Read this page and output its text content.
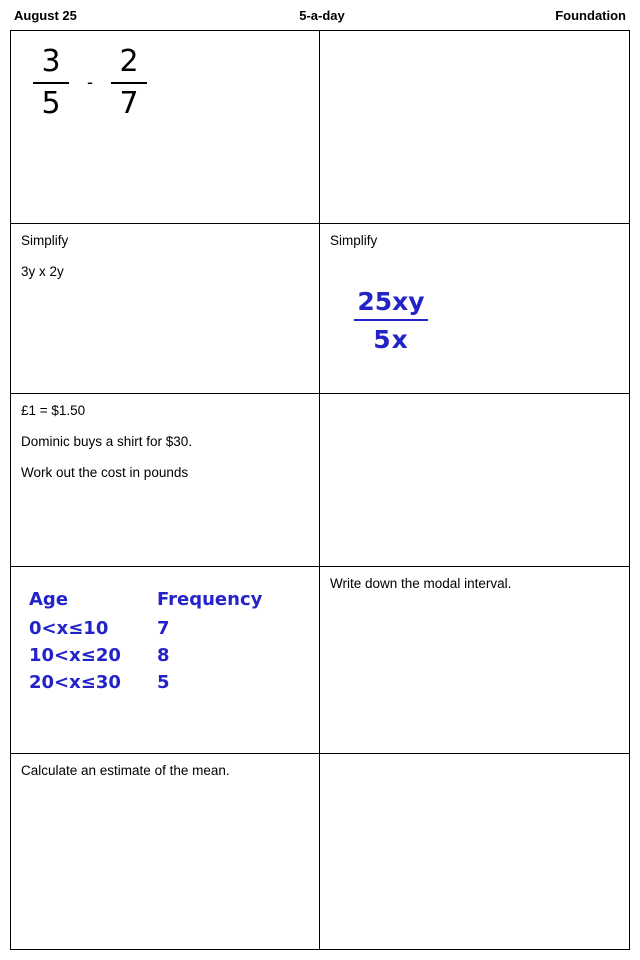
August 25	5-a-day	Foundation
$\frac{3}{5} - \frac{2}{7}$

Simplify

3y x 2y

Simplify

$\frac{25xy}{5x}$

£1 = $1.50

Dominic buys a shirt for $30.

Work out the cost in pounds

Age	Frequency
0<x≤10	7
10<x≤20	8
20<x≤30	5

Write down the modal interval.

Calculate an estimate of the mean.
